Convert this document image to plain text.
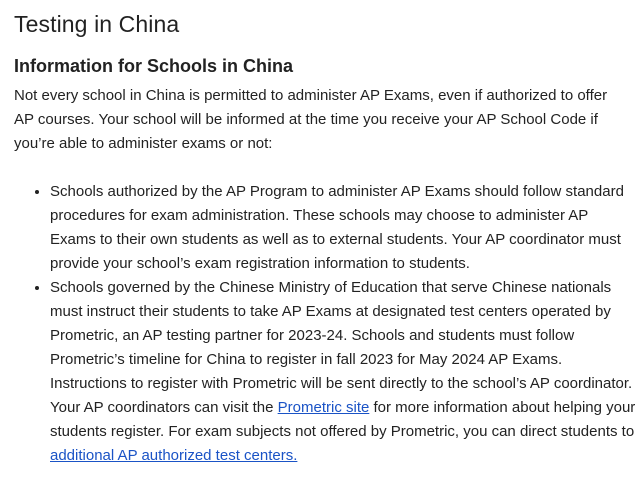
Testing in China
Information for Schools in China

Not every school in China is permitted to administer AP Exams, even if authorized to offer AP courses. Your school will be informed at the time you receive your AP School Code if you’re able to administer exams or not:

• Schools authorized by the AP Program to administer AP Exams should follow standard procedures for exam administration. These schools may choose to administer AP Exams to their own students as well as to external students. Your AP coordinator must provide your school’s exam registration information to students.
• Schools governed by the Chinese Ministry of Education that serve Chinese nationals must instruct their students to take AP Exams at designated test centers operated by Prometric, an AP testing partner for 2023-24. Schools and students must follow Prometric’s timeline for China to register in fall 2023 for May 2024 AP Exams. Instructions to register with Prometric will be sent directly to the school’s AP coordinator. Your AP coordinators can visit the Prometric site for more information about helping your students register. For exam subjects not offered by Prometric, you can direct students to additional AP authorized test centers.
